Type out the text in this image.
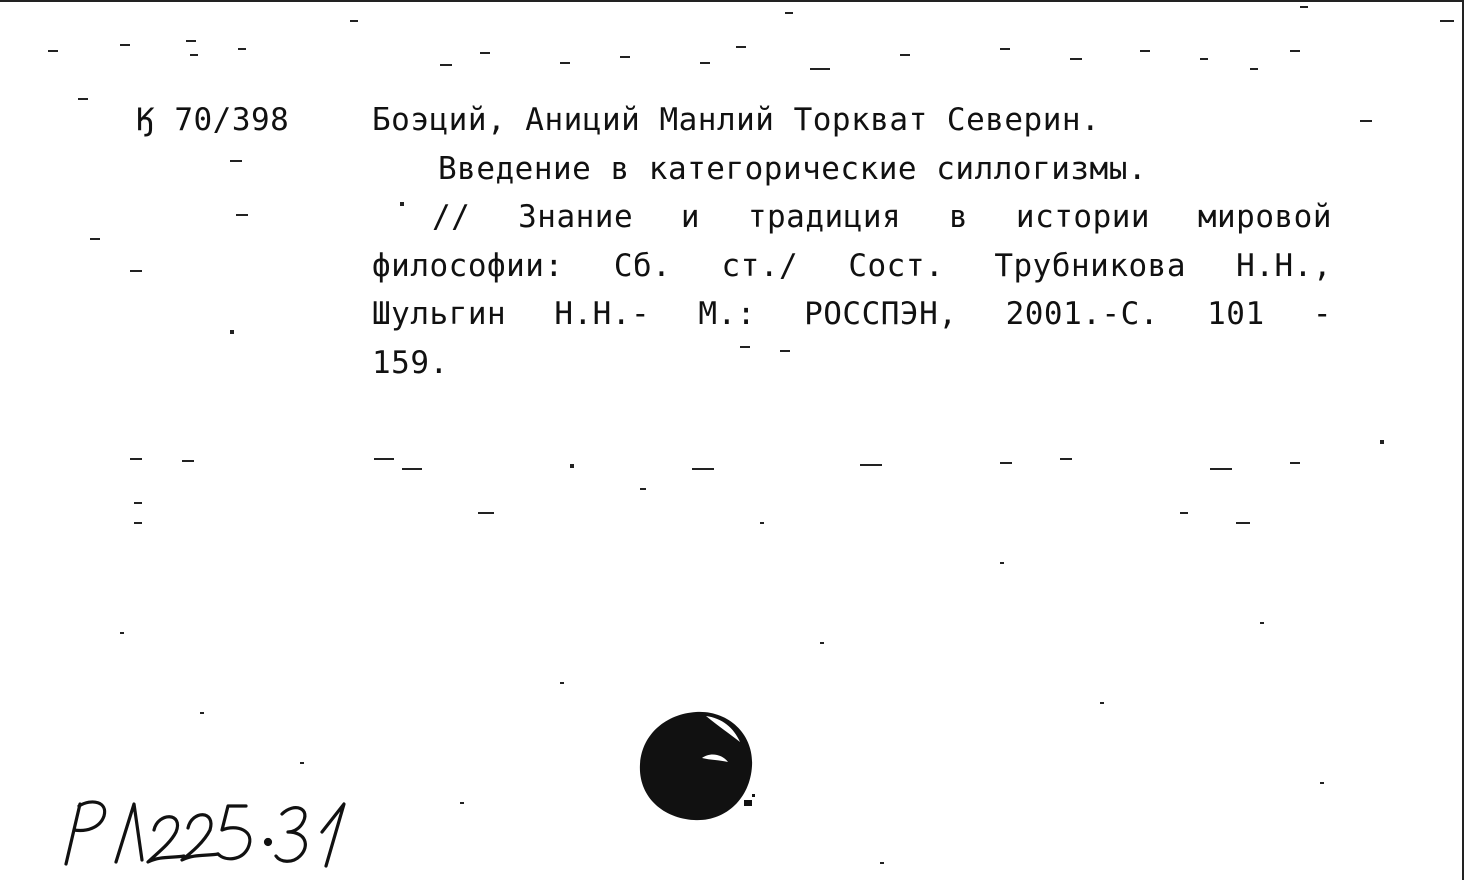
Ӄ 70/398	Боэций, Аниций Манлий Торкват Северин.
Введение в категорические силлогизмы.
// Знание и традиция в истории мировой
философии: Сб. ст./ Сост. Трубникова Н.Н.,
Шульгин Н.Н.- М.: РОССПЭН, 2001.-С. 101 -
159.
